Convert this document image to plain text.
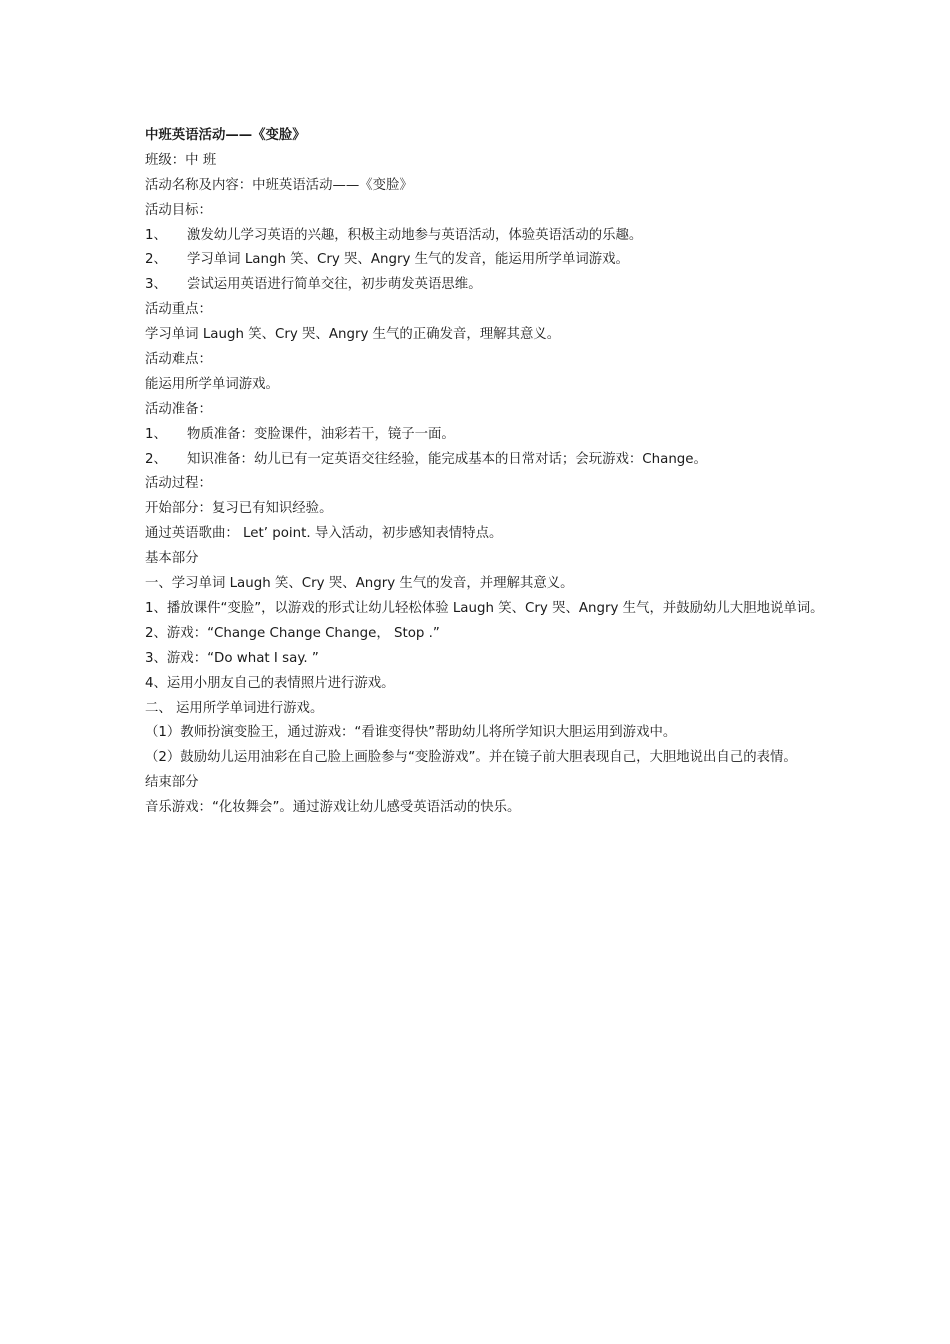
中班英语活动——《变脸》
班级：中 班
活动名称及内容：中班英语活动——《变脸》
活动目标：
1、 激发幼儿学习英语的兴趣，积极主动地参与英语活动，体验英语活动的乐趣。
2、 学习单词 Langh 笑、Cry 哭、Angry 生气的发音，能运用所学单词游戏。
3、 尝试运用英语进行简单交往，初步萌发英语思维。
活动重点：
学习单词 Laugh 笑、Cry 哭、Angry 生气的正确发音，理解其意义。
活动难点：
能运用所学单词游戏。
活动准备：
1、 物质准备：变脸课件，油彩若干，镜子一面。
2、 知识准备：幼儿已有一定英语交往经验，能完成基本的日常对话；会玩游戏：Change。
活动过程：
开始部分：复习已有知识经验。
通过英语歌曲： Let’ point. 导入活动，初步感知表情特点。
基本部分
一、学习单词 Laugh 笑、Cry 哭、Angry 生气的发音，并理解其意义。
1、播放课件“变脸”，以游戏的形式让幼儿轻松体验 Laugh 笑、Cry 哭、Angry 生气，并鼓励幼儿大胆地说单词。
2、游戏：“Change Change Change， Stop .”
3、游戏：“Do what I say. ”
4、运用小朋友自己的表情照片进行游戏。
二、 运用所学单词进行游戏。
（1）教师扮演变脸王，通过游戏：“看谁变得快”帮助幼儿将所学知识大胆运用到游戏中。
（2）鼓励幼儿运用油彩在自己脸上画脸参与“变脸游戏”。并在镜子前大胆表现自己，大胆地说出自己的表情。
结束部分
音乐游戏：“化妆舞会”。通过游戏让幼儿感受英语活动的快乐。
